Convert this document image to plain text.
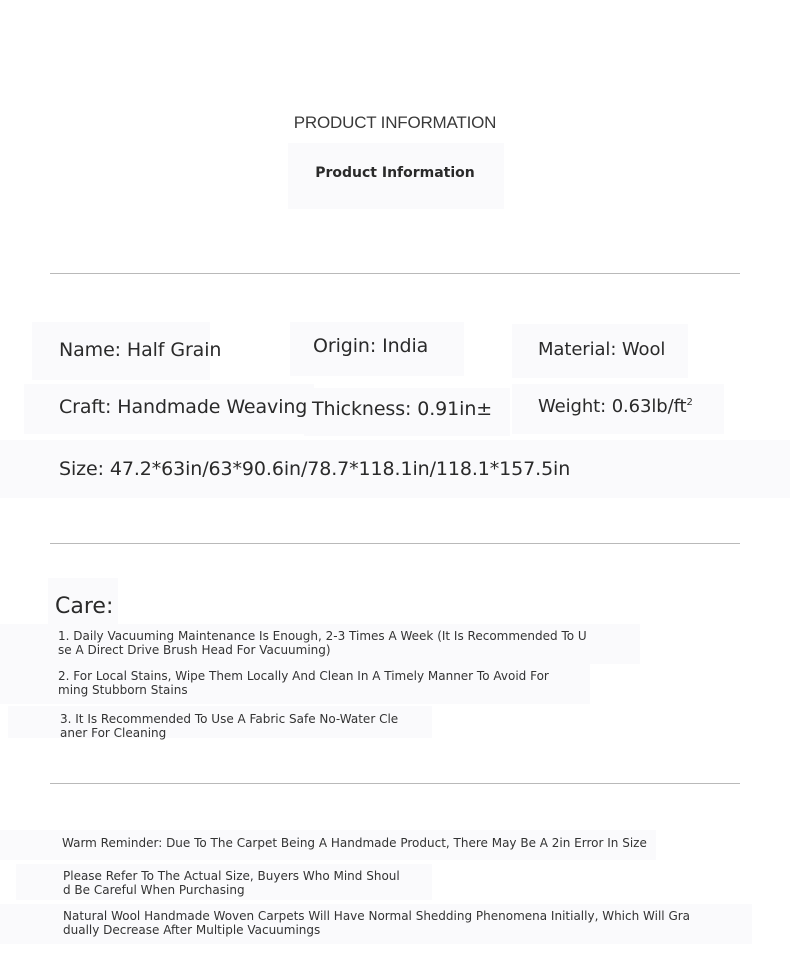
PRODUCT INFORMATION
Product Information
Name: Half Grain	Origin: India	Material: Wool
Craft: Handmade Weaving Thickness: 0.91in±	Weight: $0.63lb/ft^2$
Size: 47.2*63in/63*90.6in/78.7*118.1in/118.1*157.5in
Care:
1. Daily Vacuuming Maintenance Is Enough, 2-3 Times A Week (It Is Recommended To U
se A Direct Drive Brush Head For Vacuuming)
2. For Local Stains, Wipe Them Locally And Clean In A Timely Manner To Avoid For
ming Stubborn Stains
3. It Is Recommended To Use A Fabric Safe No-Water Cle
aner For Cleaning
Warm Reminder: Due To The Carpet Being A Handmade Product, There May Be A 2in Error In Size
Please Refer To The Actual Size, Buyers Who Mind Shoul
d Be Careful When Purchasing
Natural Wool Handmade Woven Carpets Will Have Normal Shedding Phenomena Initially, Which Will Gra
dually Decrease After Multiple Vacuumings
